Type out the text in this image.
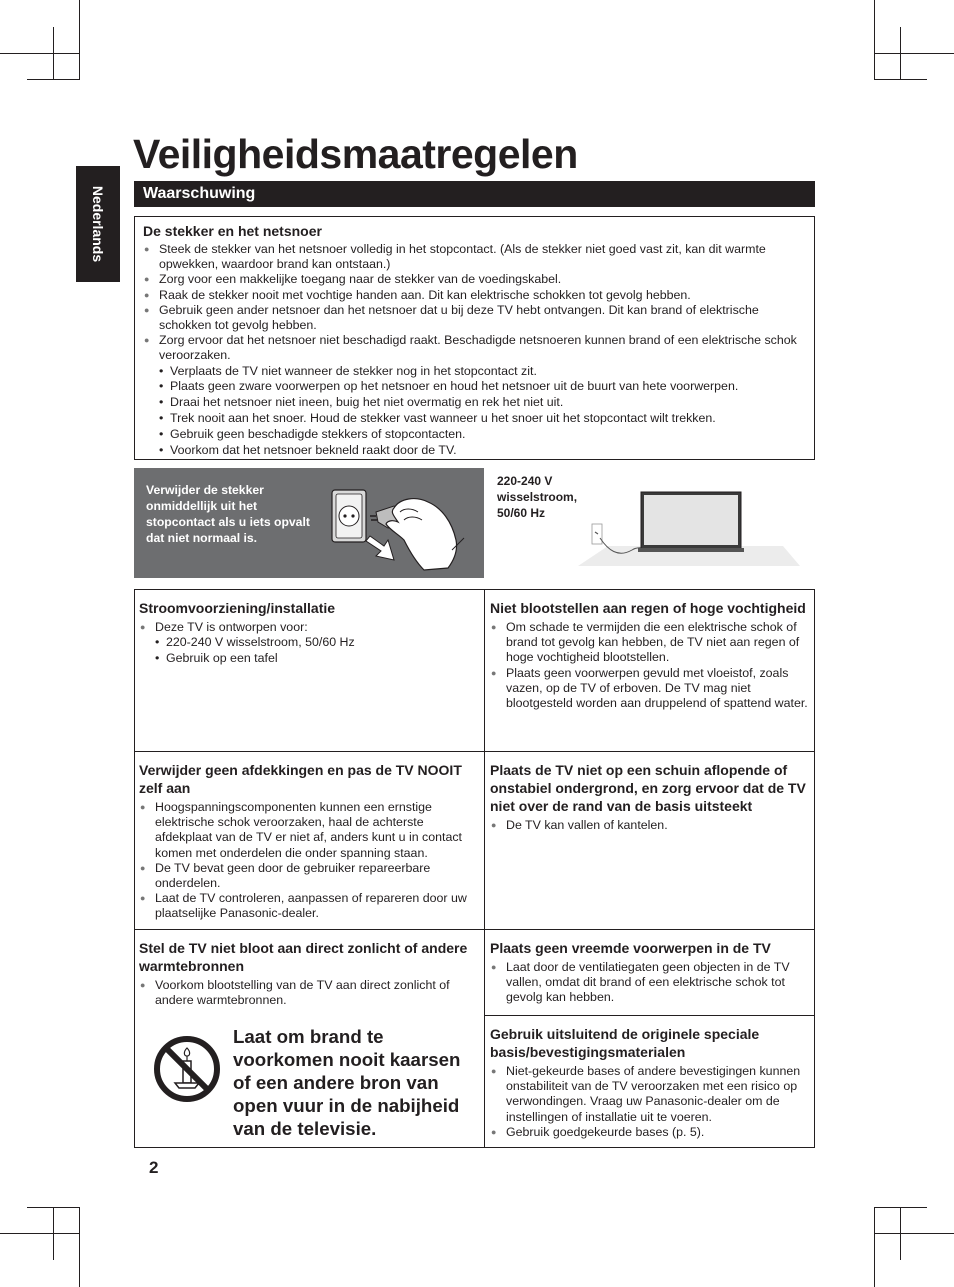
Veiligheidsmaatregelen
Nederlands	Waarschuwing
De stekker en het netsnoer
● Steek de stekker van het netsnoer volledig in het stopcontact. (Als de stekker niet goed vast zit, kan dit warmte opwekken, waardoor brand kan ontstaan.)
● Zorg voor een makkelijke toegang naar de stekker van de voedingskabel.
● Raak de stekker nooit met vochtige handen aan. Dit kan elektrische schokken tot gevolg hebben.
● Gebruik geen ander netsnoer dan het netsnoer dat u bij deze TV hebt ontvangen. Dit kan brand of elektrische schokken tot gevolg hebben.
● Zorg ervoor dat het netsnoer niet beschadigd raakt. Beschadigde netsnoeren kunnen brand of een elektrische schok veroorzaken.
• Verplaats de TV niet wanneer de stekker nog in het stopcontact zit.
• Plaats geen zware voorwerpen op het netsnoer en houd het netsnoer uit de buurt van hete voorwerpen.
• Draai het netsnoer niet ineen, buig het niet overmatig en rek het niet uit.
• Trek nooit aan het snoer. Houd de stekker vast wanneer u het snoer uit het stopcontact wilt trekken.
• Gebruik geen beschadigde stekkers of stopcontacten.
• Voorkom dat het netsnoer bekneld raakt door de TV.
Verwijder de stekker onmiddellijk uit het stopcontact als u iets opvalt dat niet normaal is.
220-240 V wisselstroom, 50/60 Hz
Stroomvoorziening/installatie
● Deze TV is ontworpen voor:
• 220-240 V wisselstroom, 50/60 Hz
• Gebruik op een tafel
Niet blootstellen aan regen of hoge vochtigheid
● Om schade te vermijden die een elektrische schok of brand tot gevolg kan hebben, de TV niet aan regen of hoge vochtigheid blootstellen.
● Plaats geen voorwerpen gevuld met vloeistof, zoals vazen, op de TV of erboven. De TV mag niet blootgesteld worden aan druppelend of spattend water.
Verwijder geen afdekkingen en pas de TV NOOIT zelf aan
● Hoogspanningscomponenten kunnen een ernstige elektrische schok veroorzaken, haal de achterste afdekplaat van de TV er niet af, anders kunt u in contact komen met onderdelen die onder spanning staan.
● De TV bevat geen door de gebruiker repareerbare onderdelen.
● Laat de TV controleren, aanpassen of repareren door uw plaatselijke Panasonic-dealer.
Plaats de TV niet op een schuin aflopende of onstabiel ondergrond, en zorg ervoor dat de TV niet over de rand van de basis uitsteekt
● De TV kan vallen of kantelen.
Stel de TV niet bloot aan direct zonlicht of andere warmtebronnen
● Voorkom blootstelling van de TV aan direct zonlicht of andere warmtebronnen.
Laat om brand te voorkomen nooit kaarsen of een andere bron van open vuur in de nabijheid van de televisie.
Plaats geen vreemde voorwerpen in de TV
● Laat door de ventilatiegaten geen objecten in de TV vallen, omdat dit brand of een elektrische schok tot gevolg kan hebben.
Gebruik uitsluitend de originele speciale basis/bevestigingsmaterialen
● Niet-gekeurde bases of andere bevestigingen kunnen onstabiliteit van de TV veroorzaken met een risico op verwondingen. Vraag uw Panasonic-dealer om de instellingen of installatie uit te voeren.
● Gebruik goedgekeurde bases (p. 5).
2
